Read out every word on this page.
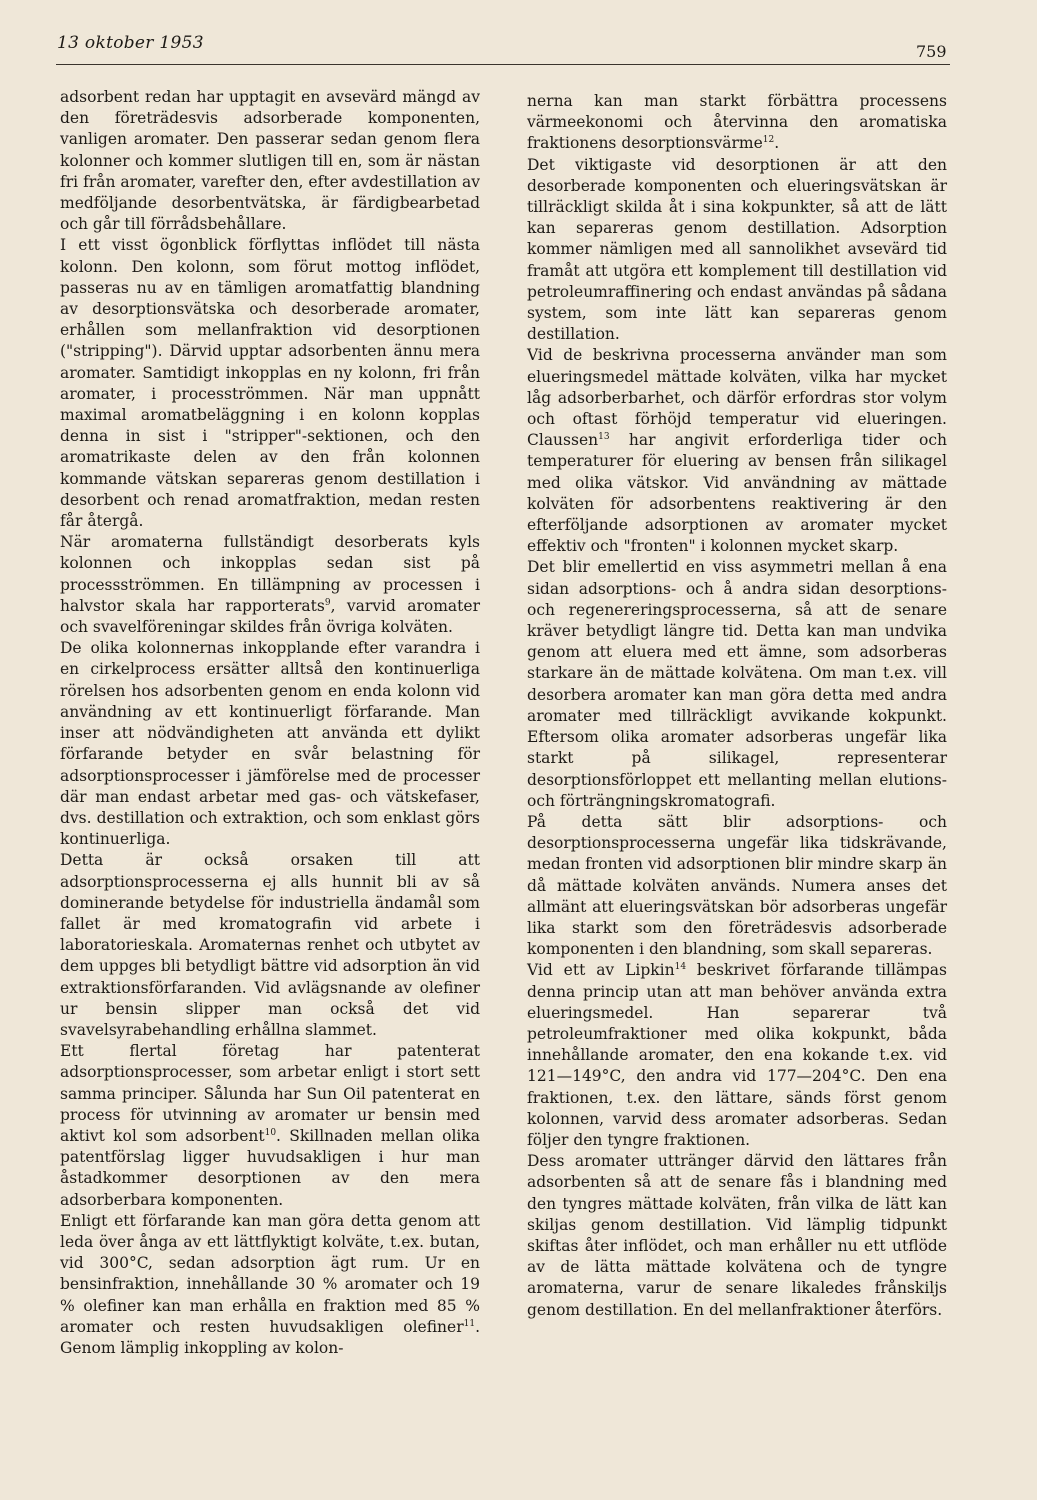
13 oktober 1953	759

adsorbent redan har upptagit en avsevärd mängd av den företrädesvis adsorberade komponenten, vanligen aromater. Den passerar sedan genom flera kolonner och kommer slutligen till en, som är nästan fri från aromater, varefter den, efter avdestillation av medföljande desorbentvätska, är färdigbearbetad och går till förrådsbehållare.

I ett visst ögonblick förflyttas inflödet till nästa kolonn. Den kolonn, som förut mottog inflödet, passeras nu av en tämligen aromatfattig blandning av desorptionsvätska och desorberade aromater, erhållen som mellanfraktion vid desorptionen ("stripping"). Därvid upptar adsorbenten ännu mera aromater. Samtidigt inkopplas en ny kolonn, fri från aromater, i procesströmmen. När man uppnått maximal aromatbeläggning i en kolonn kopplas denna in sist i "stripper"-sektionen, och den aromatrikaste delen av den från kolonnen kommande vätskan separeras genom destillation i desorbent och renad aromatfraktion, medan resten får återgå.

När aromaterna fullständigt desorberats kyls kolonnen och inkopplas sedan sist på processströmmen. En tillämpning av processen i halvstor skala har rapporterats$^9$, varvid aromater och svavelföreningar skildes från övriga kolväten.

De olika kolonnernas inkopplande efter varandra i en cirkelprocess ersätter alltså den kontinuerliga rörelsen hos adsorbenten genom en enda kolonn vid användning av ett kontinuerligt förfarande. Man inser att nödvändigheten att använda ett dylikt förfarande betyder en svår belastning för adsorptionsprocesser i jämförelse med de processer där man endast arbetar med gas- och vätskefaser, dvs. destillation och extraktion, och som enklast görs kontinuerliga.

Detta är också orsaken till att adsorptionsprocesserna ej alls hunnit bli av så dominerande betydelse för industriella ändamål som fallet är med kromatografin vid arbete i laboratorieskala. Aromaternas renhet och utbytet av dem uppges bli betydligt bättre vid adsorption än vid extraktionsförfaranden. Vid avlägsnande av olefiner ur bensin slipper man också det vid svavelsyrabehandling erhållna slammet.

Ett flertal företag har patenterat adsorptionsprocesser, som arbetar enligt i stort sett samma principer. Sålunda har Sun Oil patenterat en process för utvinning av aromater ur bensin med aktivt kol som adsorbent$^{10}$. Skillnaden mellan olika patentförslag ligger huvudsakligen i hur man åstadkommer desorptionen av den mera adsorberbara komponenten.

Enligt ett förfarande kan man göra detta genom att leda över ånga av ett lättflyktigt kolväte, t.ex. butan, vid 300°C, sedan adsorption ägt rum. Ur en bensinfraktion, innehållande 30 % aromater och 19 % olefiner kan man erhålla en fraktion med 85 % aromater och resten huvudsakligen olefiner$^{11}$. Genom lämplig inkoppling av kolon-

nerna kan man starkt förbättra processens värmeekonomi och återvinna den aromatiska fraktionens desorptionsvärme$^{12}$.

Det viktigaste vid desorptionen är att den desorberade komponenten och elueringsvätskan är tillräckligt skilda åt i sina kokpunkter, så att de lätt kan separeras genom destillation. Adsorption kommer nämligen med all sannolikhet avsevärd tid framåt att utgöra ett komplement till destillation vid petroleumraffinering och endast användas på sådana system, som inte lätt kan separeras genom destillation.

Vid de beskrivna processerna använder man som elueringsmedel mättade kolväten, vilka har mycket låg adsorberbarhet, och därför erfordras stor volym och oftast förhöjd temperatur vid elueringen. Claussen$^{13}$ har angivit erforderliga tider och temperaturer för eluering av bensen från silikagel med olika vätskor. Vid användning av mättade kolväten för adsorbentens reaktivering är den efterföljande adsorptionen av aromater mycket effektiv och "fronten" i kolonnen mycket skarp.

Det blir emellertid en viss asymmetri mellan å ena sidan adsorptions- och å andra sidan desorptions- och regenereringsprocesserna, så att de senare kräver betydligt längre tid. Detta kan man undvika genom att eluera med ett ämne, som adsorberas starkare än de mättade kolvätena. Om man t.ex. vill desorbera aromater kan man göra detta med andra aromater med tillräckligt avvikande kokpunkt. Eftersom olika aromater adsorberas ungefär lika starkt på silikagel, representerar desorptionsförloppet ett mellanting mellan elutions- och förträngningskromatografi.

På detta sätt blir adsorptions- och desorptionsprocesserna ungefär lika tidskrävande, medan fronten vid adsorptionen blir mindre skarp än då mättade kolväten används. Numera anses det allmänt att elueringsvätskan bör adsorberas ungefär lika starkt som den företrädesvis adsorberade komponenten i den blandning, som skall separeras.

Vid ett av Lipkin$^{14}$ beskrivet förfarande tillämpas denna princip utan att man behöver använda extra elueringsmedel. Han separerar två petroleumfraktioner med olika kokpunkt, båda innehållande aromater, den ena kokande t.ex. vid 121—149°C, den andra vid 177—204°C. Den ena fraktionen, t.ex. den lättare, sänds först genom kolonnen, varvid dess aromater adsorberas. Sedan följer den tyngre fraktionen.

Dess aromater uttränger därvid den lättares från adsorbenten så att de senare fås i blandning med den tyngres mättade kolväten, från vilka de lätt kan skiljas genom destillation. Vid lämplig tidpunkt skiftas åter inflödet, och man erhåller nu ett utflöde av de lätta mättade kolvätena och de tyngre aromaterna, varur de senare likaledes frånskiljs genom destillation. En del mellanfraktioner återförs.
